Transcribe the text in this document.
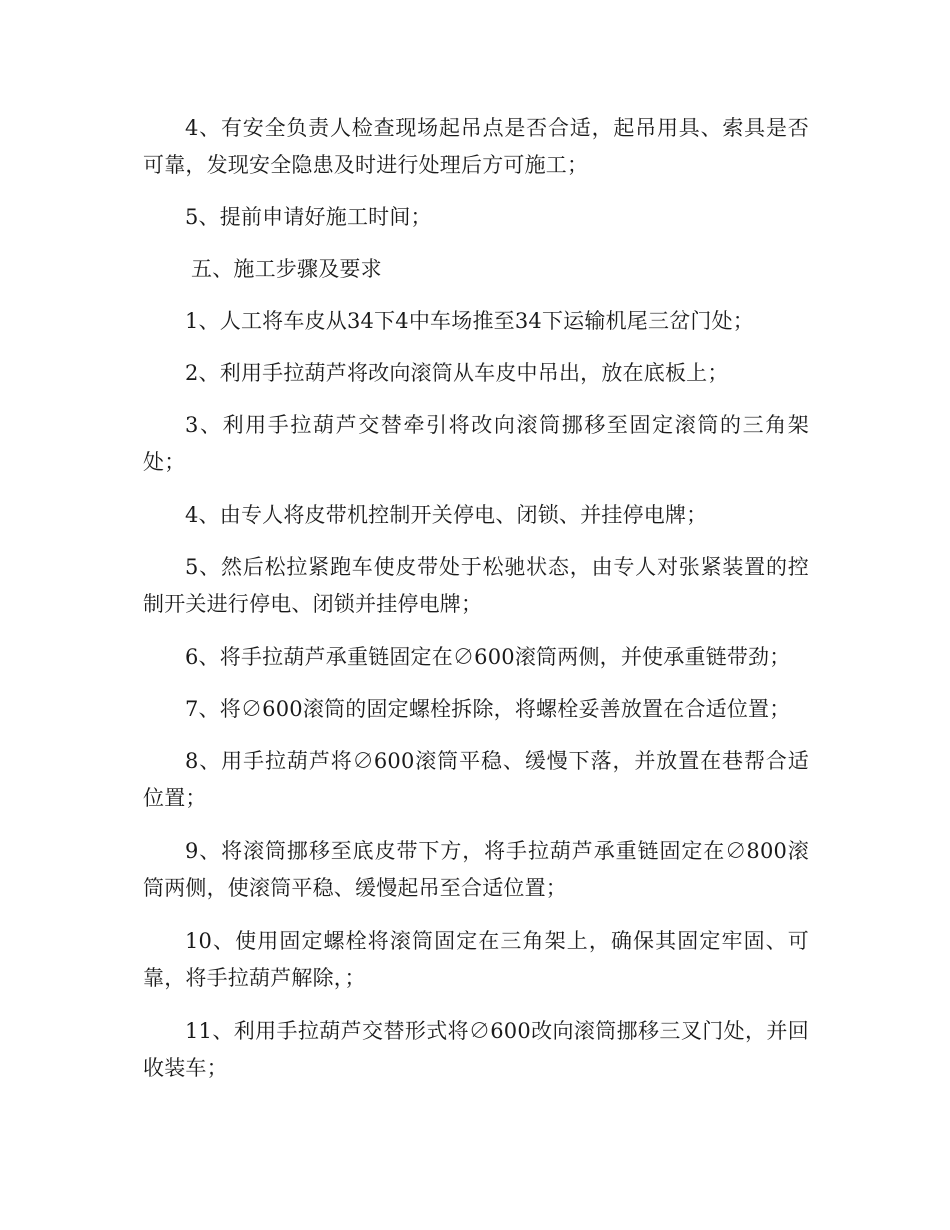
4、有安全负责人检查现场起吊点是否合适，起吊用具、索具是否可靠，发现安全隐患及时进行处理后方可施工；

5、提前申请好施工时间；

五、施工步骤及要求

1、人工将车皮从34下4中车场推至34下运输机尾三岔门处；

2、利用手拉葫芦将改向滚筒从车皮中吊出，放在底板上；

3、利用手拉葫芦交替牵引将改向滚筒挪移至固定滚筒的三角架处；

4、由专人将皮带机控制开关停电、闭锁、并挂停电牌；

5、然后松拉紧跑车使皮带处于松驰状态，由专人对张紧装置的控制开关进行停电、闭锁并挂停电牌；

6、将手拉葫芦承重链固定在∅600滚筒两侧，并使承重链带劲；

7、将∅600滚筒的固定螺栓拆除，将螺栓妥善放置在合适位置；

8、用手拉葫芦将∅600滚筒平稳、缓慢下落，并放置在巷帮合适位置；

9、将滚筒挪移至底皮带下方，将手拉葫芦承重链固定在∅800滚筒两侧，使滚筒平稳、缓慢起吊至合适位置；

10、使用固定螺栓将滚筒固定在三角架上，确保其固定牢固、可靠，将手拉葫芦解除，；

11、利用手拉葫芦交替形式将∅600改向滚筒挪移三叉门处，并回收装车；
